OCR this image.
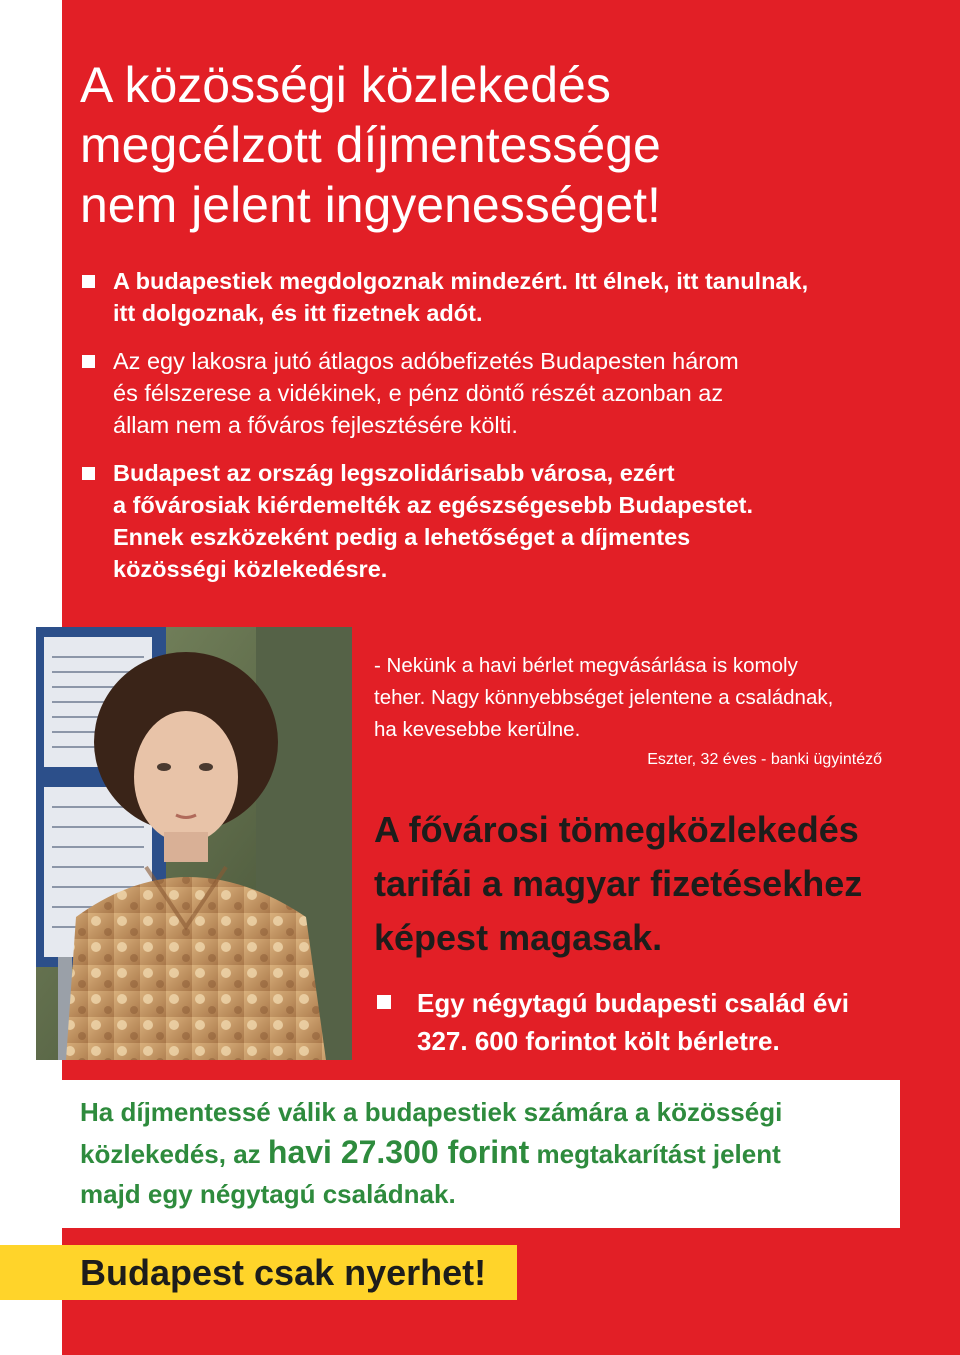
A közösségi közlekedés
megcélzott díjmentessége
nem jelent ingyenességet!
A budapestiek megdolgoznak mindezért. Itt élnek, itt tanulnak,
itt dolgoznak, és itt fizetnek adót.
Az egy lakosra jutó átlagos adóbefizetés Budapesten három
és félszerese a vidékinek, e pénz döntő részét azonban az
állam nem a főváros fejlesztésére költi.
Budapest az ország legszolidárisabb városa, ezért
a fővárosiak kiérdemelték az egészségesebb Budapestet.
Ennek eszközeként pedig a lehetőséget a díjmentes
közösségi közlekedésre.
- Nekünk a havi bérlet megvásárlása is komoly
teher. Nagy könnyebbséget jelentene a családnak,
ha kevesebbe kerülne.
Eszter, 32 éves - banki ügyintéző
A fővárosi tömegközlekedés
tarifái a magyar fizetésekhez
képest magasak.
Egy négytagú budapesti család évi
327. 600 forintot költ bérletre.
Ha díjmentessé válik a budapestiek számára a közösségi
közlekedés, az havi 27.300 forint megtakarítást jelent
majd egy négytagú családnak.
Budapest csak nyerhet!
